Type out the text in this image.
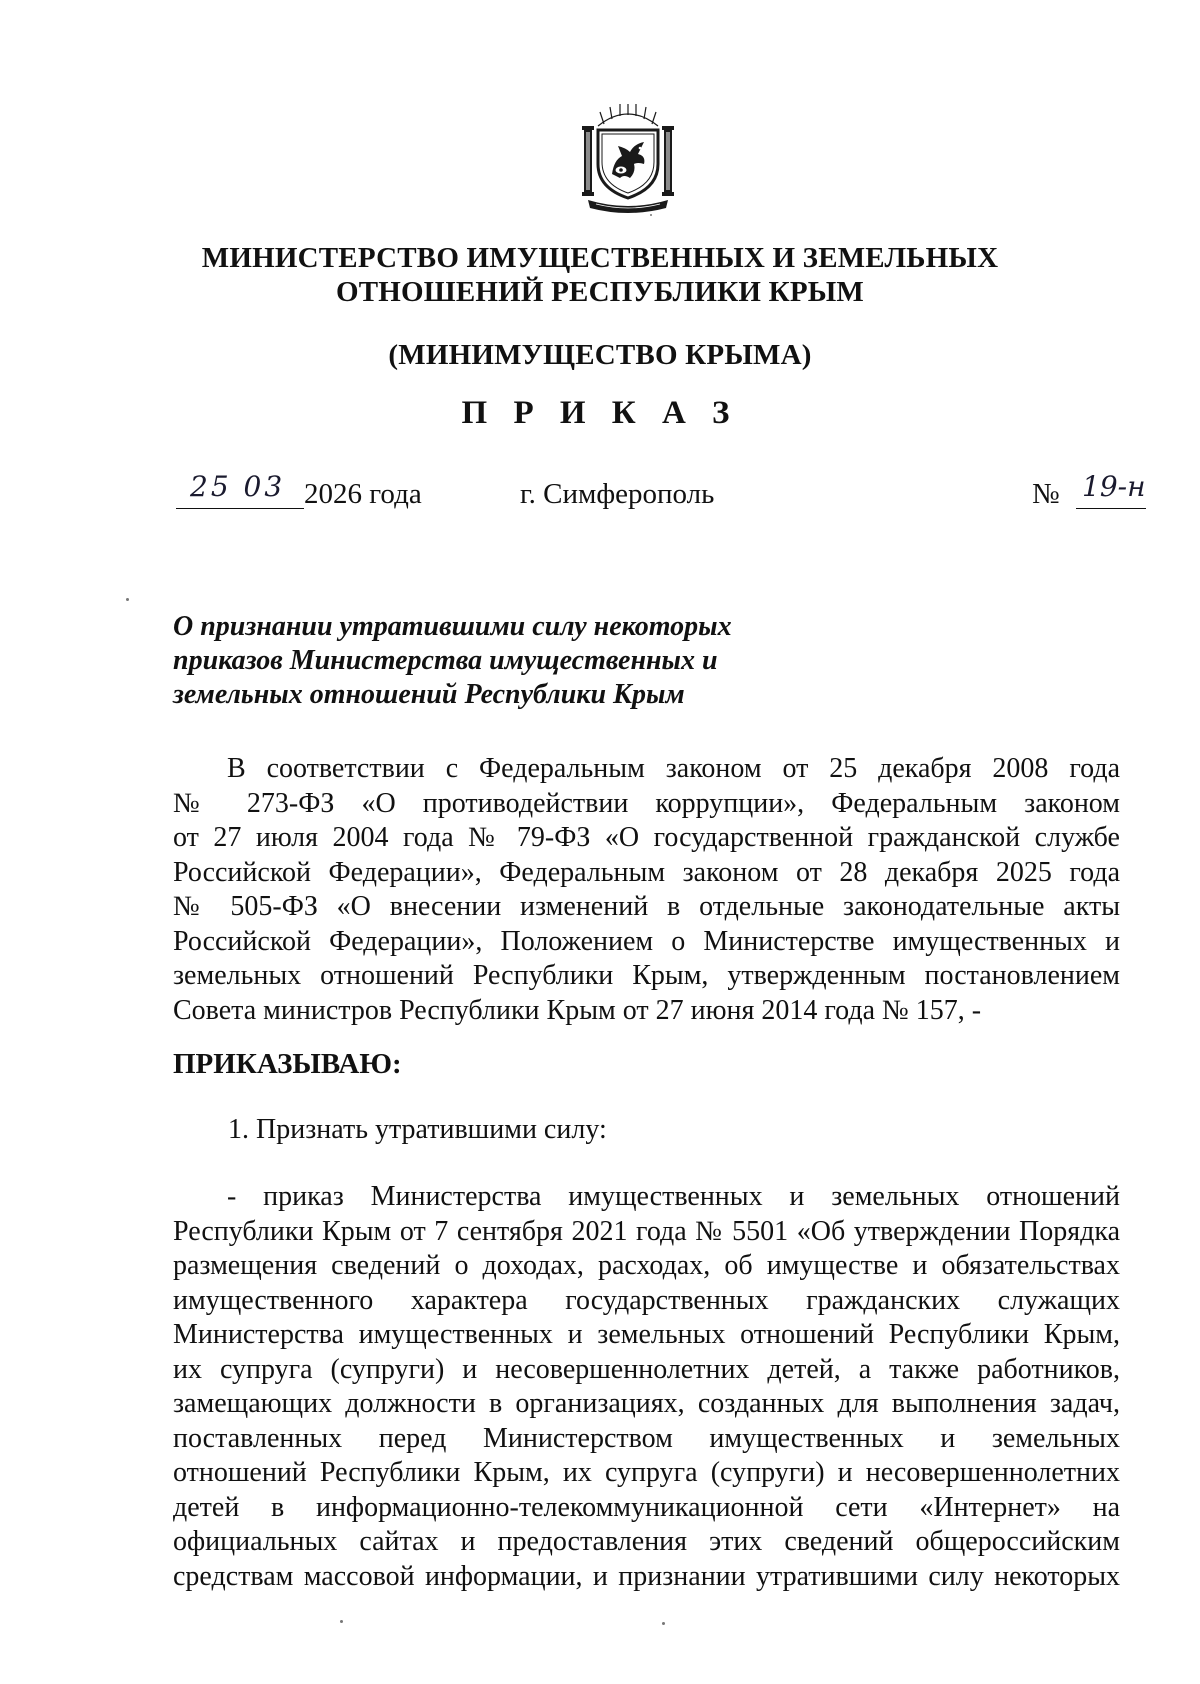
МИНИСТЕРСТВО ИМУЩЕСТВЕННЫХ И ЗЕМЕЛЬНЫХ
ОТНОШЕНИЙ РЕСПУБЛИКИ КРЫМ
(МИНИМУЩЕСТВО КРЫМА)
П Р И К А З
25 03 2026 года	г. Симферополь	№ 19-н
О признании утратившими силу некоторых
приказов Министерства имущественных и
земельных отношений Республики Крым
В соответствии с Федеральным законом от 25 декабря 2008 года
№ 273-ФЗ «О противодействии коррупции», Федеральным законом
от 27 июля 2004 года № 79-ФЗ «О государственной гражданской службе
Российской Федерации», Федеральным законом от 28 декабря 2025 года
№ 505-ФЗ «О внесении изменений в отдельные законодательные акты
Российской Федерации», Положением о Министерстве имущественных и
земельных отношений Республики Крым, утвержденным постановлением
Совета министров Республики Крым от 27 июня 2014 года № 157, -
ПРИКАЗЫВАЮ:
1. Признать утратившими силу:
- приказ Министерства имущественных и земельных отношений
Республики Крым от 7 сентября 2021 года № 5501 «Об утверждении Порядка
размещения сведений о доходах, расходах, об имуществе и обязательствах
имущественного характера государственных гражданских служащих
Министерства имущественных и земельных отношений Республики Крым,
их супруга (супруги) и несовершеннолетних детей, а также работников,
замещающих должности в организациях, созданных для выполнения задач,
поставленных перед Министерством имущественных и земельных
отношений Республики Крым, их супруга (супруги) и несовершеннолетних
детей в информационно-телекоммуникационной сети «Интернет» на
официальных сайтах и предоставления этих сведений общероссийским
средствам массовой информации, и признании утратившими силу некоторых
